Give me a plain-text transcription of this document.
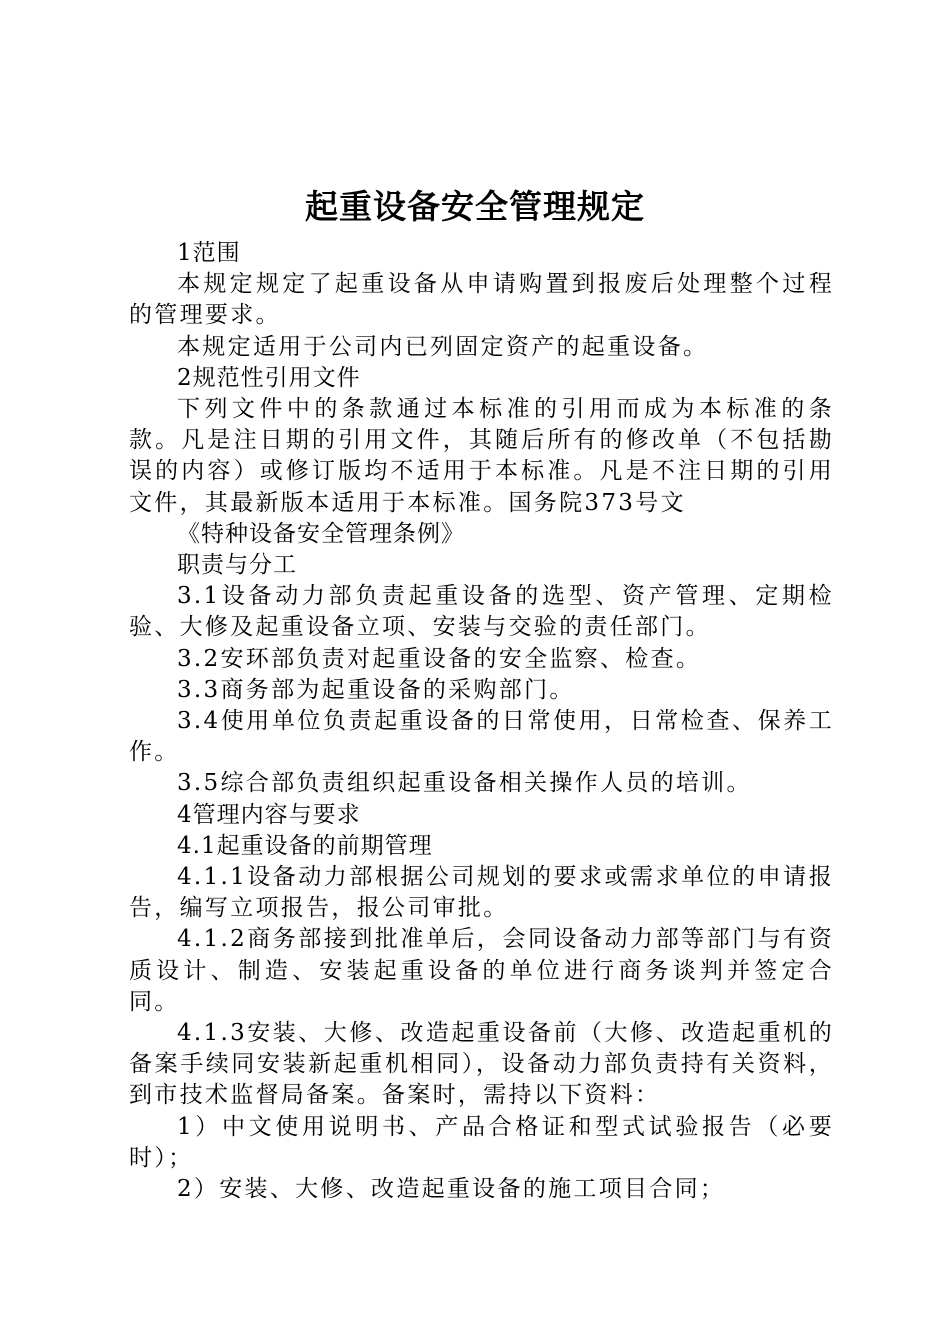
起重设备安全管理规定

1范围

本规定规定了起重设备从申请购置到报废后处理整个过程的管理要求。

本规定适用于公司内已列固定资产的起重设备。

2规范性引用文件

下列文件中的条款通过本标准的引用而成为本标准的条款。凡是注日期的引用文件，其随后所有的修改单（不包括勘误的内容）或修订版均不适用于本标准。凡是不注日期的引用文件，其最新版本适用于本标准。国务院373号文

《特种设备安全管理条例》

职责与分工

3.1设备动力部负责起重设备的选型、资产管理、定期检验、大修及起重设备立项、安装与交验的责任部门。

3.2安环部负责对起重设备的安全监察、检查。

3.3商务部为起重设备的采购部门。

3.4使用单位负责起重设备的日常使用，日常检查、保养工作。

3.5综合部负责组织起重设备相关操作人员的培训。

4管理内容与要求

4.1起重设备的前期管理

4.1.1设备动力部根据公司规划的要求或需求单位的申请报告，编写立项报告，报公司审批。

4.1.2商务部接到批准单后，会同设备动力部等部门与有资质设计、制造、安装起重设备的单位进行商务谈判并签定合同。

4.1.3安装、大修、改造起重设备前（大修、改造起重机的备案手续同安装新起重机相同），设备动力部负责持有关资料，到市技术监督局备案。备案时，需持以下资料：

1）中文使用说明书、产品合格证和型式试验报告（必要时）；

2）安装、大修、改造起重设备的施工项目合同；
